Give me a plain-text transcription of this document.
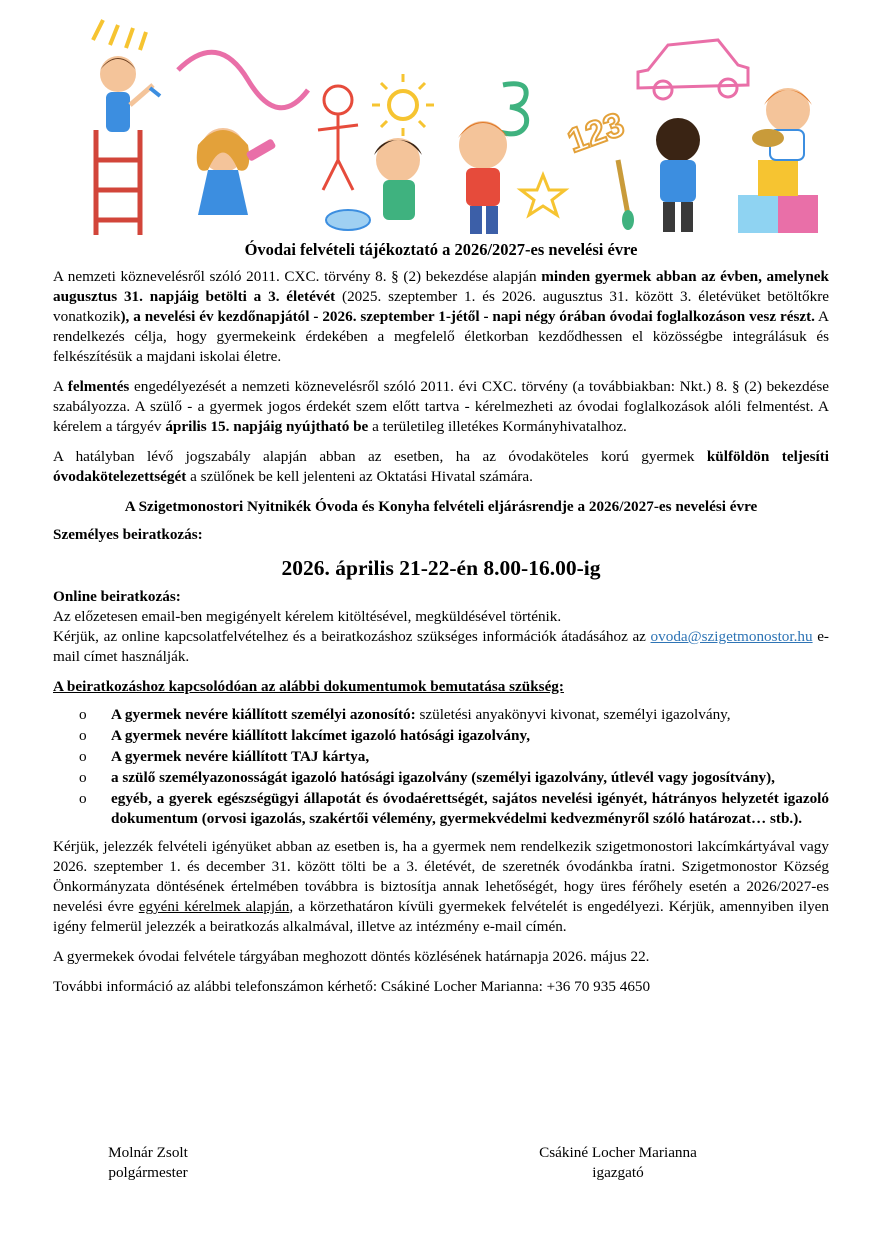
123
Óvodai felvételi tájékoztató a 2026/2027-es nevelési évre

A nemzeti köznevelésről szóló 2011. CXC. törvény 8. § (2) bekezdése alapján minden gyermek abban az évben, amelynek augusztus 31. napjáig betölti a 3. életévét (2025. szeptember 1. és 2026. augusztus 31. között 3. életévüket betöltőkre vonatkozik), a nevelési év kezdőnapjától - 2026. szeptember 1-jétől - napi négy órában óvodai foglalkozáson vesz részt. A rendelkezés célja, hogy gyermekeink érdekében a megfelelő életkorban kezdődhessen el közösségbe integrálásuk és felkészítésük a majdani iskolai életre.

A felmentés engedélyezését a nemzeti köznevelésről szóló 2011. évi CXC. törvény (a továbbiakban: Nkt.) 8. § (2) bekezdése szabályozza. A szülő - a gyermek jogos érdekét szem előtt tartva - kérelmezheti az óvodai foglalkozások alóli felmentést. A kérelem a tárgyév április 15. napjáig nyújtható be a területileg illetékes Kormányhivatalhoz.

A hatályban lévő jogszabály alapján abban az esetben, ha az óvodaköteles korú gyermek külföldön teljesíti óvodakötelezettségét a szülőnek be kell jelenteni az Oktatási Hivatal számára.

A Szigetmonostori Nyitnikék Óvoda és Konyha felvételi eljárásrendje a 2026/2027-es nevelési évre

Személyes beiratkozás:

2026. április 21-22-én 8.00-16.00-ig

Online beiratkozás:

Az előzetesen email-ben megigényelt kérelem kitöltésével, megküldésével történik.

Kérjük, az online kapcsolatfelvételhez és a beiratkozáshoz szükséges információk átadásához az ovoda@szigetmonostor.hu e-mail címet használják.

A beiratkozáshoz kapcsolódóan az alábbi dokumentumok bemutatása szükség:
o A gyermek nevére kiállított személyi azonosító: születési anyakönyvi kivonat, személyi igazolvány,
o A gyermek nevére kiállított lakcímet igazoló hatósági igazolvány,
o A gyermek nevére kiállított TAJ kártya,
o a szülő személyazonosságát igazoló hatósági igazolvány (személyi igazolvány, útlevél vagy jogosítvány),
o egyéb, a gyerek egészségügyi állapotát és óvodaérettségét, sajátos nevelési igényét, hátrányos helyzetét igazoló dokumentum (orvosi igazolás, szakértői vélemény, gyermekvédelmi kedvezményről szóló határozat… stb.).

Kérjük, jelezzék felvételi igényüket abban az esetben is, ha a gyermek nem rendelkezik szigetmonostori lakcímkártyával vagy 2026. szeptember 1. és december 31. között tölti be a 3. életévét, de szeretnék óvodánkba íratni. Szigetmonostor Község Önkormányzata döntésének értelmében továbbra is biztosítja annak lehetőségét, hogy üres férőhely esetén a 2026/2027-es nevelési évre egyéni kérelmek alapján, a körzethatáron kívüli gyermekek felvételét is engedélyezi. Kérjük, amennyiben ilyen igény felmerül jelezzék a beiratkozás alkalmával, illetve az intézmény e-mail címén.

A gyermekek óvodai felvétele tárgyában meghozott döntés közlésének határnapja 2026. május 22.

További információ az alábbi telefonszámon kérhető: Csákiné Locher Marianna: +36 70 935 4650

Molnár Zsolt
polgármester
Csákiné Locher Marianna
igazgató
